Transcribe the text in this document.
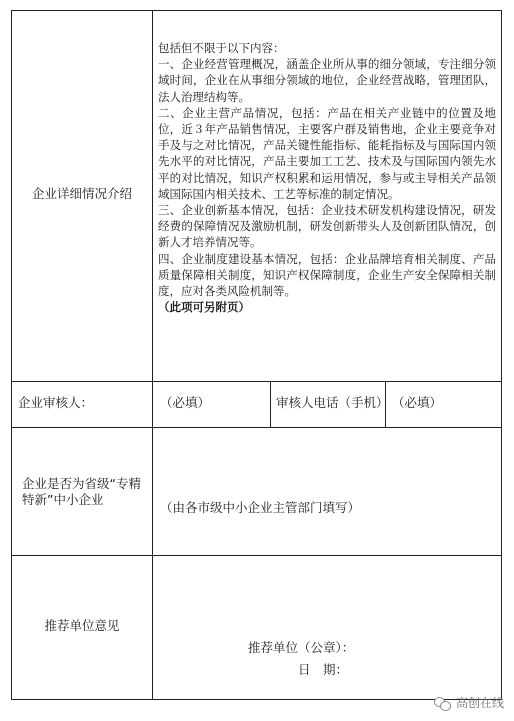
企业详细情况介绍

包括但不限于以下内容：

一、企业经营管理概况，涵盖企业所从事的细分领域，专注细分领域时间，企业在从事细分领域的地位，企业经营战略，管理团队，法人治理结构等。

二、企业主营产品情况，包括：产品在相关产业链中的位置及地位，近３年产品销售情况，主要客户群及销售地，企业主要竞争对手及与之对比情况，产品关键性能指标、能耗指标及与国际国内领先水平的对比情况，产品主要加工工艺、技术及与国际国内领先水平的对比情况，知识产权积累和运用情况，参与或主导相关产品领域国际国内相关技术、工艺等标准的制定情况。

三、企业创新基本情况，包括：企业技术研发机构建设情况，研发经费的保障情况及激励机制，研发创新带头人及创新团队情况，创新人才培养情况等。

四、企业制度建设基本情况，包括：企业品牌培育相关制度、产品质量保障相关制度，知识产权保障制度，企业生产安全保障相关制度，应对各类风险机制等。

（此项可另附页）

企业审核人：	（必填）	审核人电话（手机） （必填）
企业是否为省级“专精特新”中小企业
（由各市级中小企业主管部门填写）
推荐单位意见
推荐单位（公章）：
日　期：
高创在线
